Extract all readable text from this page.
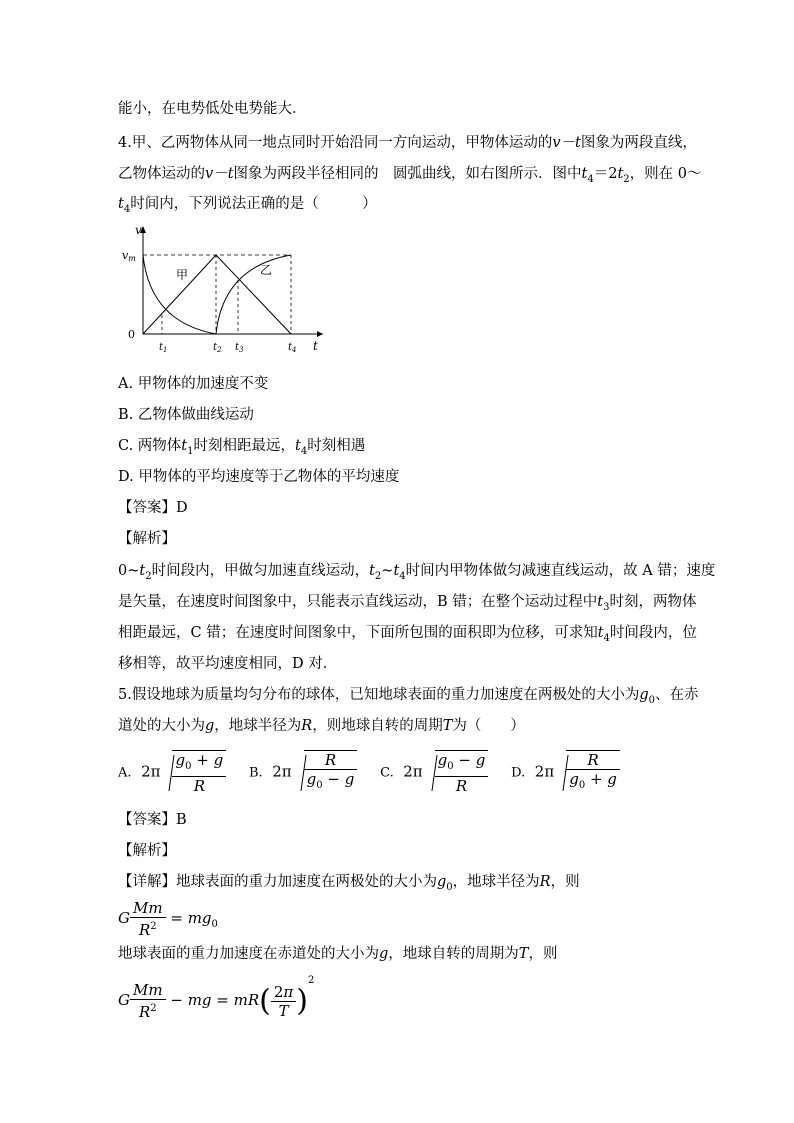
能小，在电势低处电势能大．
4.甲、乙两物体从同一地点同时开始沿同一方向运动，甲物体运动的v－t图象为两段直线，
乙物体运动的v－t图象为两段半径相同的　圆弧曲线，如右图所示．图中$t_4=2t_2$，则在 0～
$t_4$时间内，下列说法正确的是（　　　）
v
t
vm
0
甲	乙
$t_1$	$t_2$ $t_3$	$t_4$
A. 甲物体的加速度不变
B. 乙物体做曲线运动
C. 两物体$t_1$时刻相距最远，$t_4$时刻相遇
D. 甲物体的平均速度等于乙物体的平均速度
【答案】D
【解析】
$0\sim t_2$时间段内，甲做匀加速直线运动，$t_2\sim t_4$时间内甲物体做匀减速直线运动，故 A 错；速度
是矢量，在速度时间图象中，只能表示直线运动，B 错；在整个运动过程中$t_3$时刻，两物体
相距最远，C 错；在速度时间图象中，下面所包围的面积即为位移，可求知$t_4$时间段内，位
移相等，故平均速度相同，D 对．
5.假设地球为质量均匀分布的球体，已知地球表面的重力加速度在两极处的大小为$g_0$、在赤
道处的大小为g，地球半径为R，则地球自转的周期T为（　　）
A. $2\pi \frac{g_0 + g}{R} B$. $2\pi \frac{R}{g_0 - g} C$. $2\pi \frac{g_0 - g}{R} D$. $2\pi \frac{R}{g_0 + g}$
【答案】B
【解析】
【详解】地球表面的重力加速度在两极处的大小为$g_0$，地球半径为R，则
G $\frac{Mm}{R^2} = mg_0$
地球表面的重力加速度在赤道处的大小为g，地球自转的周期为T，则
G $\frac{Mm}{R^2}$ − mg = $mR( \frac{2\pi}{T} )^2$
